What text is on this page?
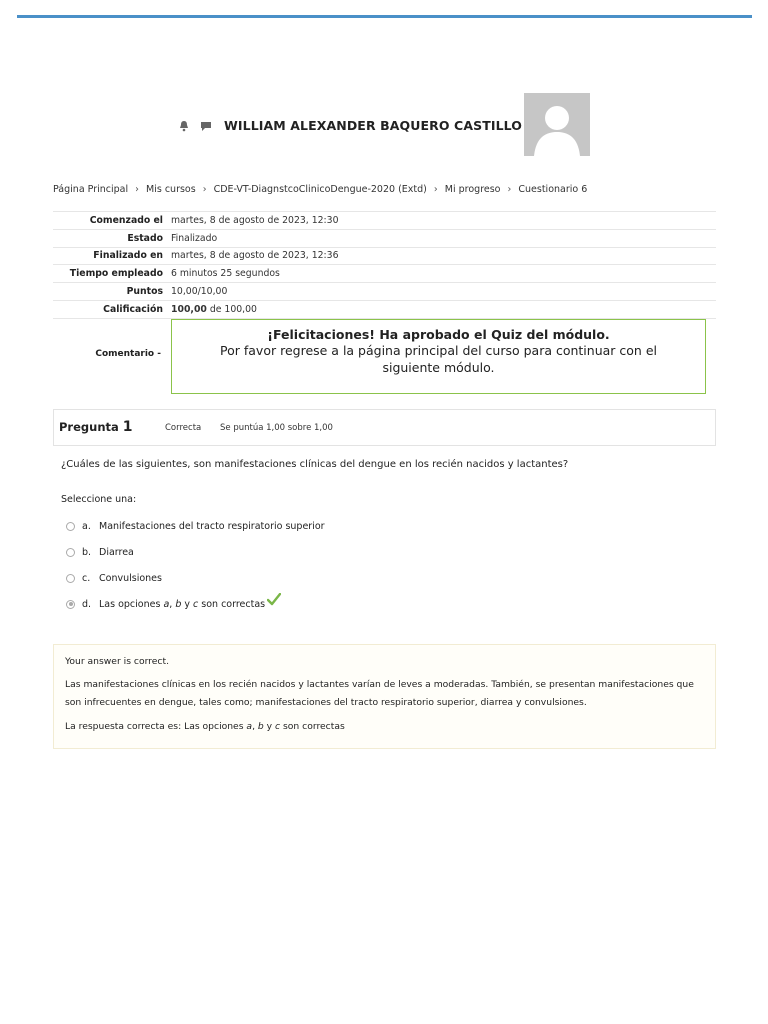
WILLIAM ALEXANDER BAQUERO CASTILLO
Página Principal › Mis cursos › CDE-VT-DiagnstcoClinicoDengue-2020 (Extd) › Mi progreso › Cuestionario 6
Comenzado el	martes, 8 de agosto de 2023, 12:30
Estado	Finalizado
Finalizado en	martes, 8 de agosto de 2023, 12:36
Tiempo empleado	6 minutos 25 segundos
Puntos	10,00/10,00
Calificación	100,00 de 100,00
Comentario -
¡Felicitaciones! Ha aprobado el Quiz del módulo.
Por favor regrese a la página principal del curso para continuar con el siguiente módulo.
Pregunta 1	Correcta Se puntúa 1,00 sobre 1,00
¿Cuáles de las siguientes, son manifestaciones clínicas del dengue en los recién nacidos y lactantes?
Seleccione una:
a. Manifestaciones del tracto respiratorio superior
b. Diarrea
c. Convulsiones
d. Las opciones a, b y c son correctas

Your answer is correct.

Las manifestaciones clínicas en los recién nacidos y lactantes varían de leves a moderadas. También, se presentan manifestaciones que son infrecuentes en dengue, tales como; manifestaciones del tracto respiratorio superior, diarrea y convulsiones.

La respuesta correcta es: Las opciones a, b y c son correctas
